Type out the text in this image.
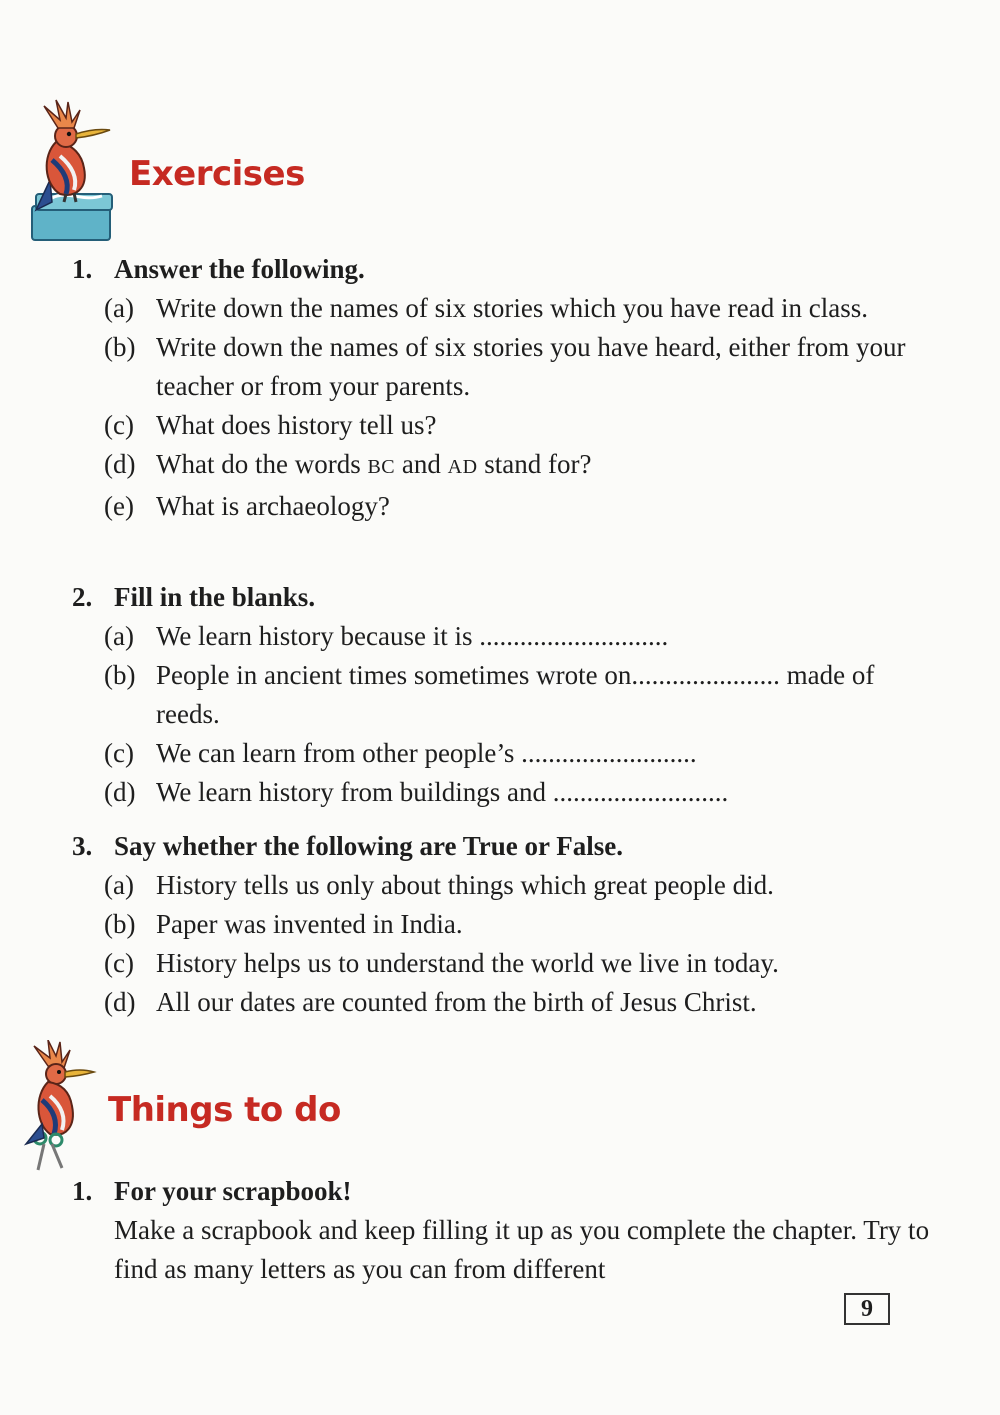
Exercises
1. Answer the following.
(a) Write down the names of six stories which you have read in class.
(b) Write down the names of six stories you have heard, either from your teacher or from your parents.
(c) What does history tell us?
(d) What do the words BC and AD stand for?
(e) What is archaeology?
2. Fill in the blanks.
(a) We learn history because it is ............................
(b) People in ancient times sometimes wrote on...................... made of reeds.
(c) We can learn from other people’s ..........................
(d) We learn history from buildings and ..........................
3. Say whether the following are True or False.
(a) History tells us only about things which great people did.
(b) Paper was invented in India.
(c) History helps us to understand the world we live in today.
(d) All our dates are counted from the birth of Jesus Christ.
Things to do
1. For your scrapbook!
Make a scrapbook and keep filling it up as you complete the chapter. Try to find as many letters as you can from different
9
